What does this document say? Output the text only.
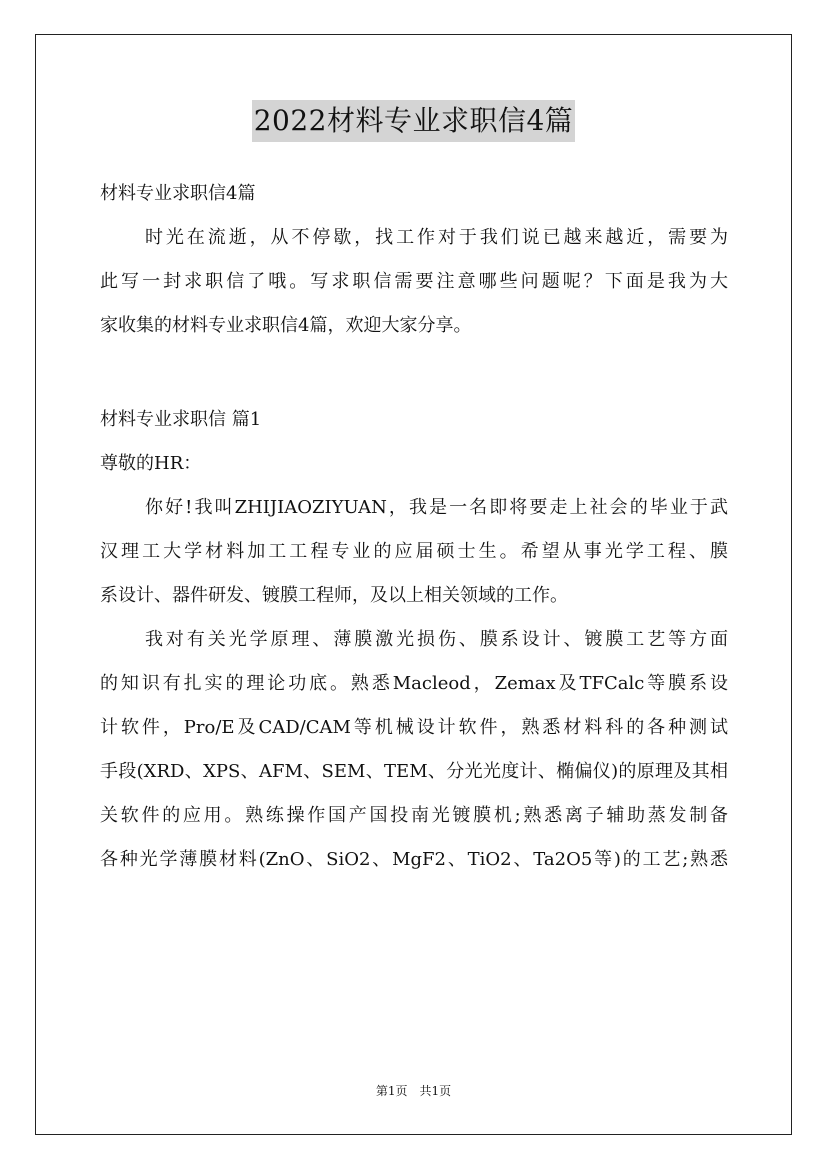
2022材料专业求职信4篇
材料专业求职信4篇
时光在流逝，从不停歇，找工作对于我们说已越来越近，需要为
此写一封求职信了哦。写求职信需要注意哪些问题呢？下面是我为大
家收集的材料专业求职信4篇，欢迎大家分享。
材料专业求职信 篇1
尊敬的HR：
你好!我叫ZHIJIAOZIYUAN，我是一名即将要走上社会的毕业于武
汉理工大学材料加工工程专业的应届硕士生。希望从事光学工程、膜
系设计、器件研发、镀膜工程师，及以上相关领域的工作。
我对有关光学原理、薄膜激光损伤、膜系设计、镀膜工艺等方面
的知识有扎实的理论功底。熟悉Macleod，Zemax及TFCalc等膜系设
计软件，Pro/E及CAD/CAM等机械设计软件，熟悉材料科的各种测试
手段(XRD、XPS、AFM、SEM、TEM、分光光度计、椭偏仪)的原理及其相
关软件的应用。熟练操作国产国投南光镀膜机;熟悉离子辅助蒸发制备
各种光学薄膜材料(ZnO、SiO2、MgF2、TiO2、Ta2O5等)的工艺;熟悉
第1页　共1页
